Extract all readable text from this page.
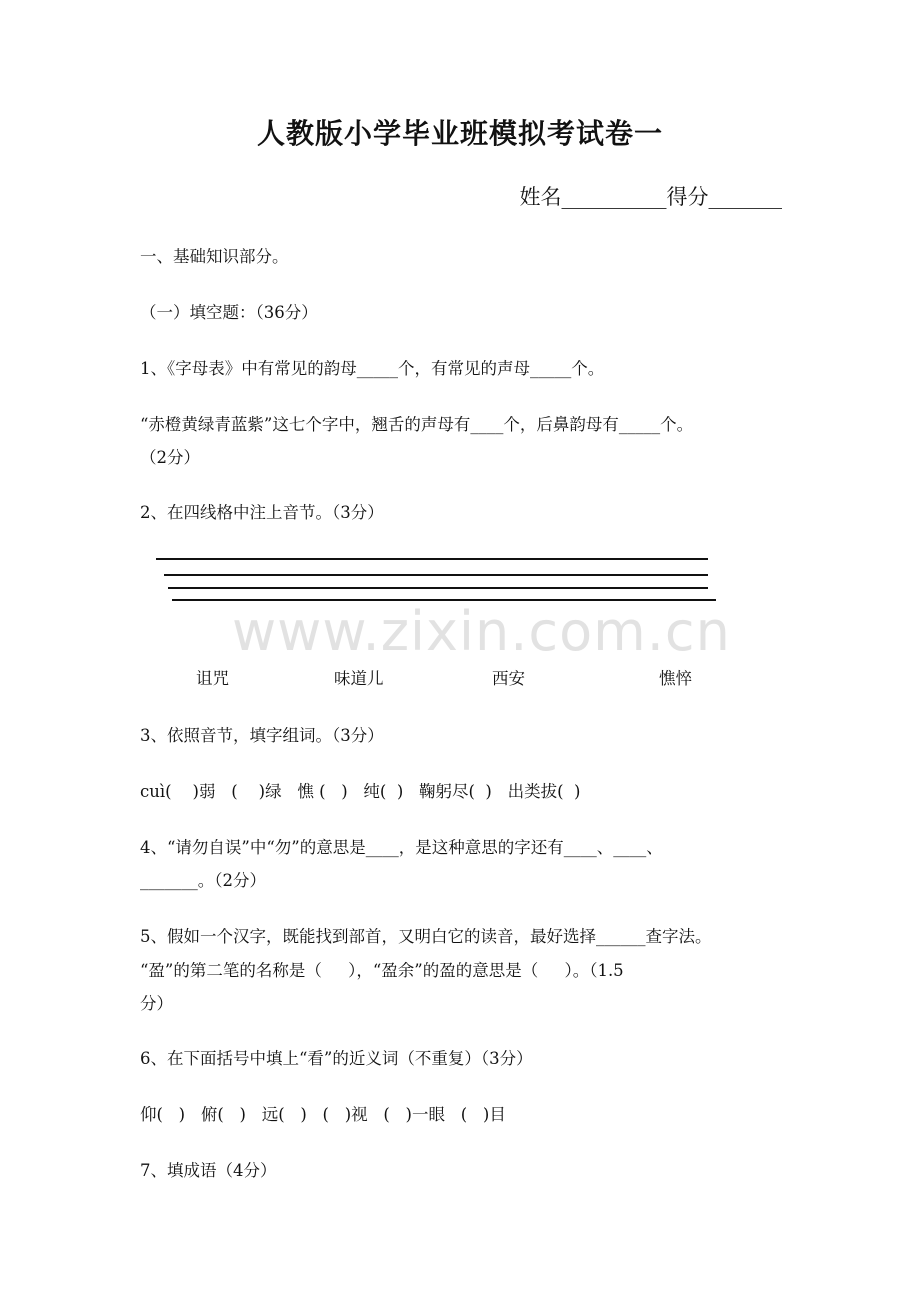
人教版小学毕业班模拟考试卷一
姓名__________得分_______
一、基础知识部分。
（一）填空题：（36分）
1、《字母表》中有常见的韵母_____个，有常见的声母_____个。
“赤橙黄绿青蓝紫”这七个字中，翘舌的声母有____个，后鼻韵母有_____个。
（2分）
2、在四线格中注上音节。（3分）
www.zixin.com.cn
诅咒	味道儿	西安	憔悴
3、依照音节，填字组词。（3分）
cuì(    )弱   (    )绿   憔 (   )   纯(  )   鞠躬尽(  )   出类拔(  )
4、“请勿自误”中“勿”的意思是____，是这种意思的字还有____、____、
_______。（2分）
5、假如一个汉字，既能找到部首，又明白它的读音，最好选择______查字法。
“盈”的第二笔的名称是（     ），“盈余”的盈的意思是（     ）。（1.5
分）
6、在下面括号中填上“看”的近义词（不重复）（3分）
仰(   )   俯(   )   远(   )   (   )视   (   )一眼   (   )目
7、填成语（4分）
